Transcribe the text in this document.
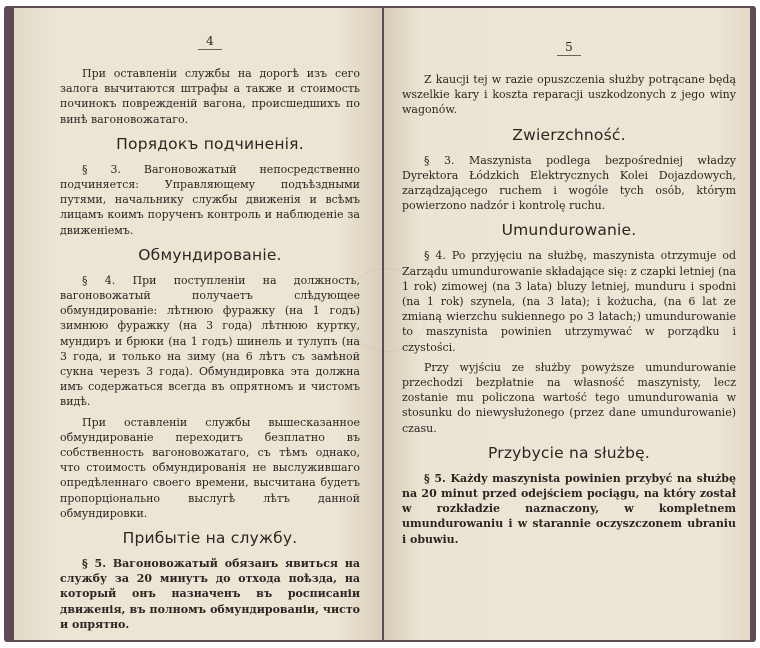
4

При оставленіи службы на дорогѣ изъ сего залога вычитаются штрафы а также и стоимость починокъ поврежденій вагона, происшедшихъ по винѣ вагоновожатаго.

Порядокъ подчиненія.

§ 3. Вагоновожатый непосредственно подчиняется: Управляющему подъѣздными путями, начальнику службы движенія и всѣмъ лицамъ коимъ порученъ контроль и наблюденіе за движеніемъ.

Обмундированіе.

§ 4. При поступленіи на должность, вагоновожатый получаетъ слѣдующее обмундированіе: лѣтнюю фуражку (на 1 годъ) зимнюю фуражку (на 3 года) лѣтнюю куртку, мундиръ и брюки (на 1 годъ) шинель и тулупъ (на 3 года, и только на зиму (на 6 лѣтъ съ замѣной сукна черезъ 3 года). Обмундировка эта должна имъ содержаться всегда въ опрятномъ и чистомъ видѣ.

При оставленіи службы вышесказанное обмундированіе переходитъ безплатно въ собственность вагоновожатаго, съ тѣмъ однако, что стоимость обмундированія не выслужившаго опредѣленнаго своего времени, высчитана будетъ пропорціонально выслугѣ лѣтъ данной обмундировки.

Прибытіе на службу.

§ 5. Вагоновожатый обязанъ явиться на службу за 20 минутъ до отхода поѣзда, на который онъ назначенъ въ росписаніи движенія, въ полномъ обмундированіи, чисто и опрятно.

5

Z kaucji tej w razie opuszczenia służby potrącane będą wszelkie kary i koszta reparacji uszkodzonych z jego winy wagonów.

Zwierzchność.

§ 3. Maszynista podlega bezpośredniej władzy Dyrektora Łódzkich Elektrycznych Kolei Dojazdowych, zarządzającego ruchem i wogóle tych osób, którym powierzono nadzór i kontrolę ruchu.

Umundurowanie.

§ 4. Po przyjęciu na służbę, maszynista otrzymuje od Zarządu umundurowanie składające się: z czapki letniej (na 1 rok) zimowej (na 3 lata) bluzy letniej, munduru i spodni (na 1 rok) szynela, (na 3 lata); i kożucha, (na 6 lat ze zmianą wierzchu sukiennego po 3 latach;) umundurowanie to maszynista powinien utrzymywać w porządku i czystości.

Przy wyjściu ze służby powyższe umundurowanie przechodzi bezpłatnie na własność maszynisty, lecz zostanie mu policzona wartość tego umundurowania w stosunku do niewysłużonego (przez dane umundurowanie) czasu.

Przybycie na służbę.

§ 5. Każdy maszynista powinien przybyć na służbę na 20 minut przed odejściem pociągu, na który został w rozkładzie naznaczony, w kompletnem umundurowaniu i w starannie oczyszczonem ubraniu i obuwiu.
